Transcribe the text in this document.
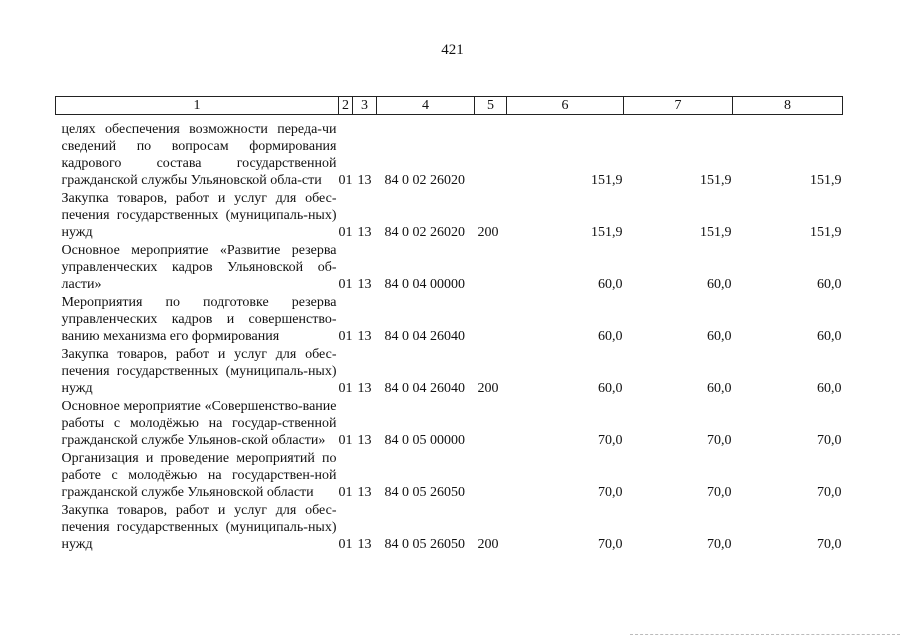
421
1	2	3	4	5	6	7	8
целях обеспечения возможности переда-чи сведений по вопросам формирования кадрового состава государственной гражданской службы Ульяновской обла-сти	01	13	84 0 02 26020		151,9	151,9	151,9
Закупка товаров, работ и услуг для обес-печения государственных (муниципаль-ных) нужд	01	13	84 0 02 26020	200	151,9	151,9	151,9
Основное мероприятие «Развитие резерва управленческих кадров Ульяновской об-ласти»	01	13	84 0 04 00000		60,0	60,0	60,0
Мероприятия по подготовке резерва управленческих кадров и совершенство-ванию механизма его формирования	01	13	84 0 04 26040		60,0	60,0	60,0
Закупка товаров, работ и услуг для обес-печения государственных (муниципаль-ных) нужд	01	13	84 0 04 26040	200	60,0	60,0	60,0
Основное мероприятие «Совершенство-вание работы с молодёжью на государ-ственной гражданской службе Ульянов-ской области»	01	13	84 0 05 00000		70,0	70,0	70,0
Организация и проведение мероприятий по работе с молодёжью на государствен-ной гражданской службе Ульяновской области	01	13	84 0 05 26050		70,0	70,0	70,0
Закупка товаров, работ и услуг для обес-печения государственных (муниципаль-ных) нужд	01	13	84 0 05 26050	200	70,0	70,0	70,0
